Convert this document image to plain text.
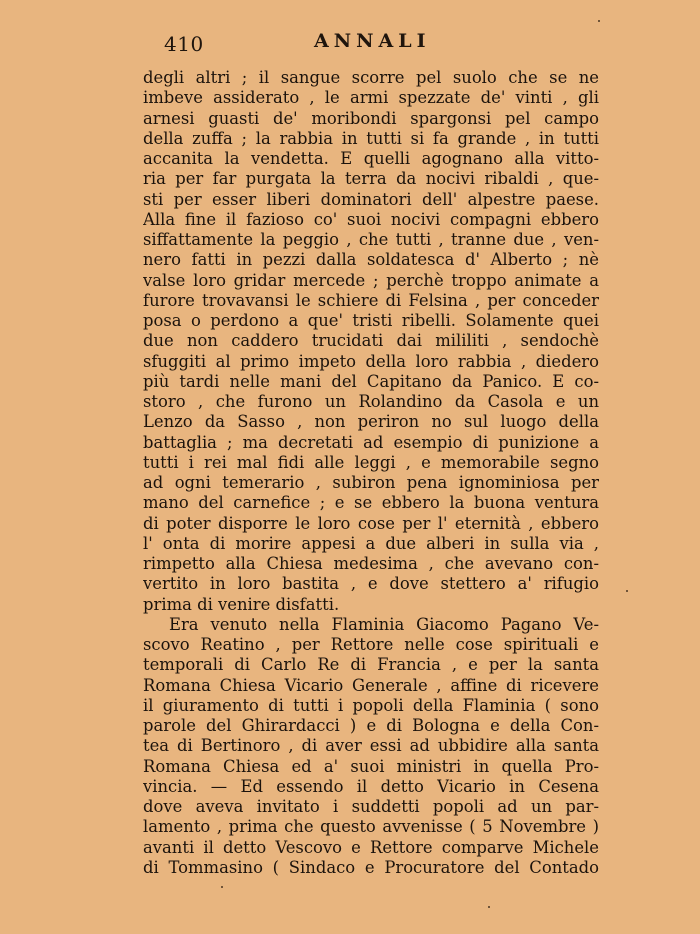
410	ANNALI
degli altri ; il sangue scorre pel suolo che se ne
imbeve assiderato , le armi spezzate de' vinti , gli
arnesi guasti de' moribondi spargonsi pel campo
della zuffa ; la rabbia in tutti si fa grande , in tutti
accanita la vendetta. E quelli agognano alla vitto-
ria per far purgata la terra da nocivi ribaldi , que-
sti per esser liberi dominatori dell' alpestre paese.
Alla fine il fazioso co' suoi nocivi compagni ebbero
siffattamente la peggio , che tutti , tranne due , ven-
nero fatti in pezzi dalla soldatesca d' Alberto ; nè
valse loro gridar mercede ; perchè troppo animate a
furore trovavansi le schiere di Felsina , per conceder
posa o perdono a que' tristi ribelli. Solamente quei
due non caddero trucidati dai mililiti , sendochè
sfuggiti al primo impeto della loro rabbia , diedero
più tardi nelle mani del Capitano da Panico. E co-
storo , che furono un Rolandino da Casola e un
Lenzo da Sasso , non periron no sul luogo della
battaglia ; ma decretati ad esempio di punizione a
tutti i rei mal fidi alle leggi , e memorabile segno
ad ogni temerario , subiron pena ignominiosa per
mano del carnefice ; e se ebbero la buona ventura
di poter disporre le loro cose per l' eternità , ebbero
l' onta di morire appesi a due alberi in sulla via ,
rimpetto alla Chiesa medesima , che avevano con-
vertito in loro bastita , e dove stettero a' rifugio
prima di venire disfatti.
Era venuto nella Flaminia Giacomo Pagano Ve-
scovo Reatino , per Rettore nelle cose spirituali e
temporali di Carlo Re di Francia , e per la santa
Romana Chiesa Vicario Generale , affine di ricevere
il giuramento di tutti i popoli della Flaminia ( sono
parole del Ghirardacci ) e di Bologna e della Con-
tea di Bertinoro , di aver essi ad ubbidire alla santa
Romana Chiesa ed a' suoi ministri in quella Pro-
vincia. — Ed essendo il detto Vicario in Cesena
dove aveva invitato i suddetti popoli ad un par-
lamento , prima che questo avvenisse ( 5 Novembre )
avanti il detto Vescovo e Rettore comparve Michele
di Tommasino ( Sindaco e Procuratore del Contado
